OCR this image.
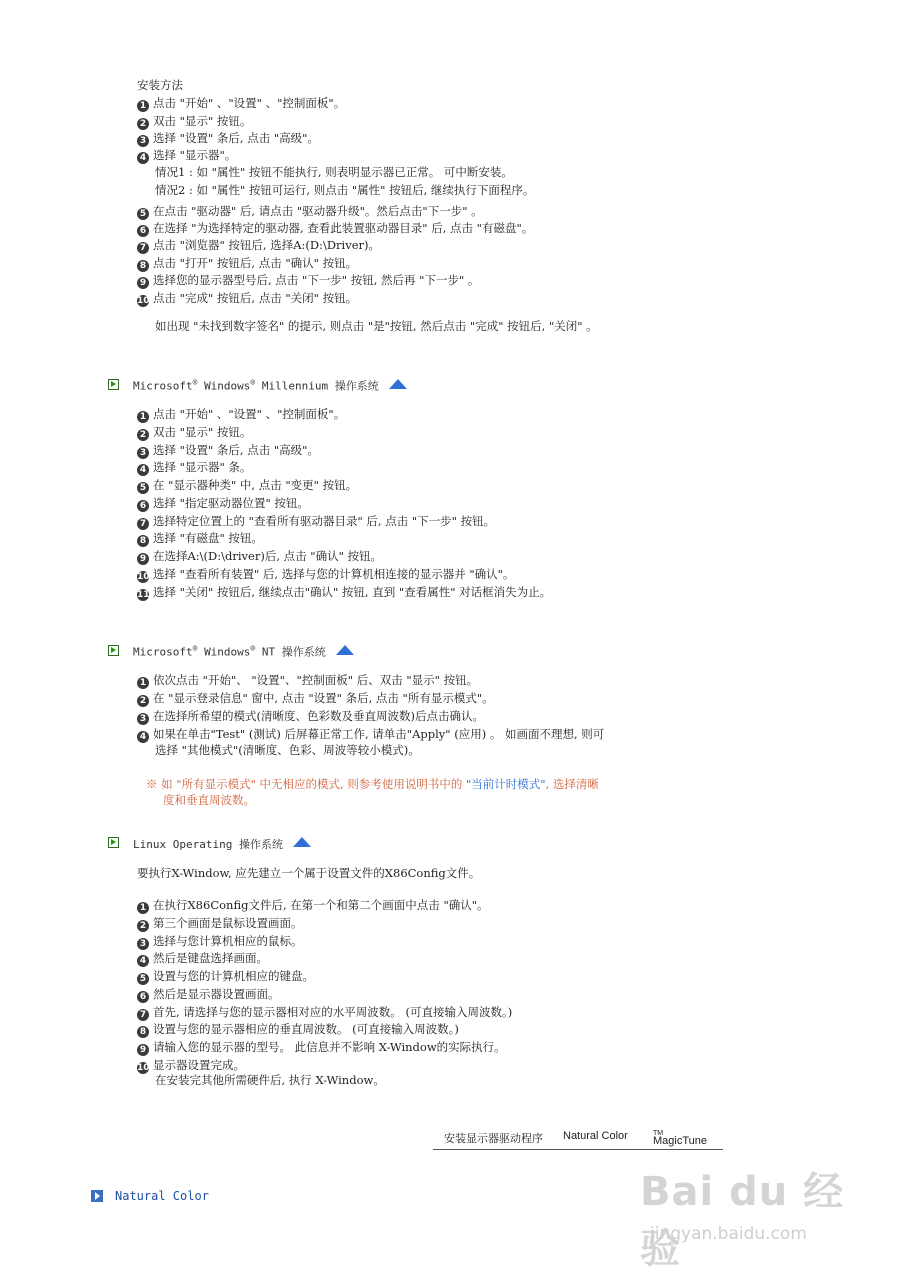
安装方法
1 点击 "开始" 、"设置" 、"控制面板"。
2 双击 "显示" 按钮。
3 选择 "设置" 条后, 点击 "高级"。
4 选择 "显示器"。
情况1 : 如 "属性" 按钮不能执行, 则表明显示器已正常。 可中断安装。
情况2 : 如 "属性" 按钮可运行, 则点击 "属性" 按钮后, 继续执行下面程序。
5 在点击 "驱动器" 后, 请点击 "驱动器升级"。然后点击"下一步" 。
6 在选择 "为选择特定的驱动器, 查看此装置驱动器目录" 后, 点击 "有磁盘"。
7 点击 "浏览器" 按钮后, 选择A:(D:\Driver)。
8 点击 "打开" 按钮后, 点击 "确认" 按钮。
9 选择您的显示器型号后, 点击 "下一步" 按钮, 然后再 "下一步" 。
10 点击 "完成" 按钮后, 点击 "关闭" 按钮。
如出现 "未找到数字签名" 的提示, 则点击 "是"按钮, 然后点击 "完成" 按钮后, "关闭" 。
Microsoft® Windows® Millennium 操作系统
1 点击 "开始" 、"设置" 、"控制面板"。
2 双击 "显示" 按钮。
3 选择 "设置" 条后, 点击 "高级"。
4 选择 "显示器" 条。
5 在 "显示器种类" 中, 点击 "变更" 按钮。
6 选择 "指定驱动器位置" 按钮。
7 选择特定位置上的 "查看所有驱动器目录" 后, 点击 "下一步" 按钮。
8 选择 "有磁盘" 按钮。
9 在选择A:\(D:\driver)后, 点击 "确认" 按钮。
10 选择 "查看所有装置" 后, 选择与您的计算机相连接的显示器并 "确认"。
11 选择 "关闭" 按钮后, 继续点击"确认" 按钮, 直到 "查看属性" 对话框消失为止。
Microsoft® Windows® NT 操作系统
1 依次点击 "开始"、 "设置"、"控制面板" 后、双击 "显示" 按钮。
2 在 "显示登录信息" 窗中, 点击 "设置" 条后, 点击 "所有显示模式"。
3 在选择所希望的模式(清晰度、色彩数及垂直周波数)后点击确认。
4 如果在单击"Test" (测试) 后屏幕正常工作, 请单击"Apply" (应用) 。 如画面不理想, 则可
选择 "其他模式"(清晰度、色彩、周波等较小模式)。
※ 如 "所有显示模式" 中无相应的模式, 则参考使用说明书中的 "当前计时模式", 选择清晰
度和垂直周波数。
Linux Operating 操作系统
要执行X-Window, 应先建立一个属于设置文件的X86Config文件。
1 在执行X86Config文件后, 在第一个和第二个画面中点击 "确认"。
2 第三个画面是鼠标设置画面。
3 选择与您计算机相应的鼠标。
4 然后是键盘选择画面。
5 设置与您的计算机相应的键盘。
6 然后是显示器设置画面。
7 首先, 请选择与您的显示器相对应的水平周波数。 (可直接输入周波数。)
8 设置与您的显示器相应的垂直周波数。 (可直接输入周波数。)
9 请输入您的显示器的型号。 此信息并不影响 X-Window的实际执行。
10 显示器设置完成。
在安装完其他所需硬件后, 执行 X-Window。
安装显示器驱动程序 Natural Color MagicTune
™
Natural Color	Bai du 经验
jingyan.baidu.com
